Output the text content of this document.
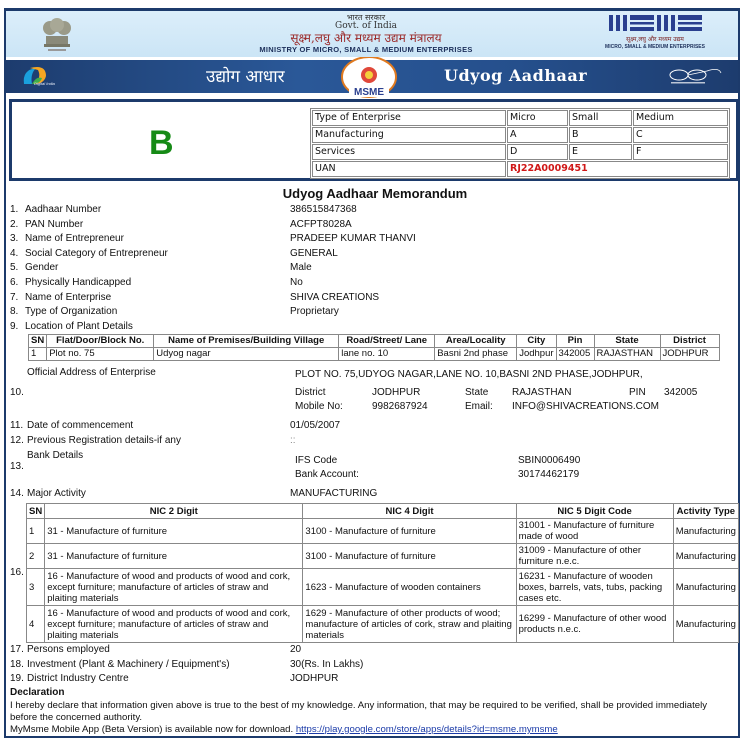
भारत सरकार
Govt. of India
सूक्ष्म,लघु और मध्यम उद्यम मंत्रालय
MINISTRY OF MICRO, SMALL & MEDIUM ENTERPRISES
सूक्ष्म,लघु और मध्यम उद्यम
MICRO, SMALL & MEDIUM ENTERPRISES
Digital India	उद्योग आधार
MSME
Udyog Aadhaar
B
Type of Enterprise	Micro	Small	Medium
Manufacturing	A	B	C
Services	D	E	F
UAN	RJ22A0009451		
Udyog Aadhaar Memorandum
1. Aadhaar Number	386515847368
2. PAN Number	ACFPT8028A
3. Name of Entrepreneur	PRADEEP KUMAR THANVI
4. Social Category of Entrepreneur	GENERAL
5. Gender	Male
6. Physically Handicapped	No
7. Name of Enterprise	SHIVA CREATIONS
8. Type of Organization	Proprietary
9. Location of Plant Details
SN	Flat/Door/Block No.	Name of Premises/Building Village	Road/Street/ Lane	Area/Locality	City	Pin	State	District
1	Plot no. 75	Udyog nagar	lane no. 10	Basni 2nd phase	Jodhpur	342005	RAJASTHAN	JODHPUR
Official Address of Enterprise
10.
PLOT NO. 75,UDYOG NAGAR,LANE NO. 10,BASNI 2ND PHASE,JODHPUR,
District	JODHPUR	State RAJASTHAN	PIN 342005
Mobile No:	9982687924	Email: INFO@SHIVACREATIONS.COM
11. Date of commencement	01/05/2007
12. Previous Registration details-if any	::
Bank Details
13.
IFS Code	SBIN0006490
Bank Account:	30174462179
14. Major Activity	MANUFACTURING
16.
SN	NIC 2 Digit	NIC 4 Digit	NIC 5 Digit Code	Activity Type
1	31 - Manufacture of furniture	3100 - Manufacture of furniture	31001 - Manufacture of furniture made of wood	Manufacturing
2	31 - Manufacture of furniture	3100 - Manufacture of furniture	31009 - Manufacture of other furniture n.e.c.	Manufacturing
3	16 - Manufacture of wood and products of wood and cork, except furniture; manufacture of articles of straw and plaiting materials	1623 - Manufacture of wooden containers	16231 - Manufacture of wooden boxes, barrels, vats, tubs, packing cases etc.	Manufacturing
4	16 - Manufacture of wood and products of wood and cork, except furniture; manufacture of articles of straw and plaiting materials	1629 - Manufacture of other products of wood; manufacture of articles of cork, straw and plaiting materials	16299 - Manufacture of other wood products n.e.c.	Manufacturing
17. Persons employed	20
18. Investment (Plant & Machinery / Equipment's)	30(Rs. In Lakhs)
19. District Industry Centre	JODHPUR
Declaration
I hereby declare that information given above is true to the best of my knowledge. Any information, that may be required to be verified, shall be provided immediately before the concerned authority.
MyMsme Mobile App (Beta Version) is available now for download. https://play.google.com/store/apps/details?id=msme.mymsme
